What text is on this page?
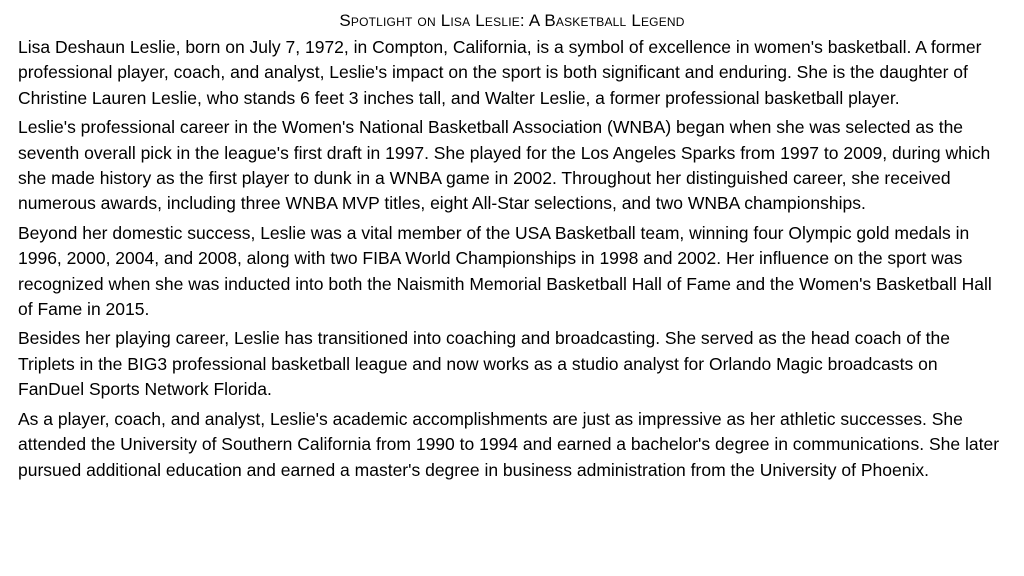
Spotlight on Lisa Leslie: A Basketball Legend

Lisa Deshaun Leslie, born on July 7, 1972, in Compton, California, is a symbol of excellence in women's basketball. A former professional player, coach, and analyst, Leslie's impact on the sport is both significant and enduring. She is the daughter of Christine Lauren Leslie, who stands 6 feet 3 inches tall, and Walter Leslie, a former professional basketball player.

Leslie's professional career in the Women's National Basketball Association (WNBA) began when she was selected as the seventh overall pick in the league's first draft in 1997. She played for the Los Angeles Sparks from 1997 to 2009, during which she made history as the first player to dunk in a WNBA game in 2002. Throughout her distinguished career, she received numerous awards, including three WNBA MVP titles, eight All-Star selections, and two WNBA championships.

Beyond her domestic success, Leslie was a vital member of the USA Basketball team, winning four Olympic gold medals in 1996, 2000, 2004, and 2008, along with two FIBA World Championships in 1998 and 2002. Her influence on the sport was recognized when she was inducted into both the Naismith Memorial Basketball Hall of Fame and the Women's Basketball Hall of Fame in 2015.

Besides her playing career, Leslie has transitioned into coaching and broadcasting. She served as the head coach of the Triplets in the BIG3 professional basketball league and now works as a studio analyst for Orlando Magic broadcasts on FanDuel Sports Network Florida.

As a player, coach, and analyst, Leslie's academic accomplishments are just as impressive as her athletic successes. She attended the University of Southern California from 1990 to 1994 and earned a bachelor's degree in communications. She later pursued additional education and earned a master's degree in business administration from the University of Phoenix.
